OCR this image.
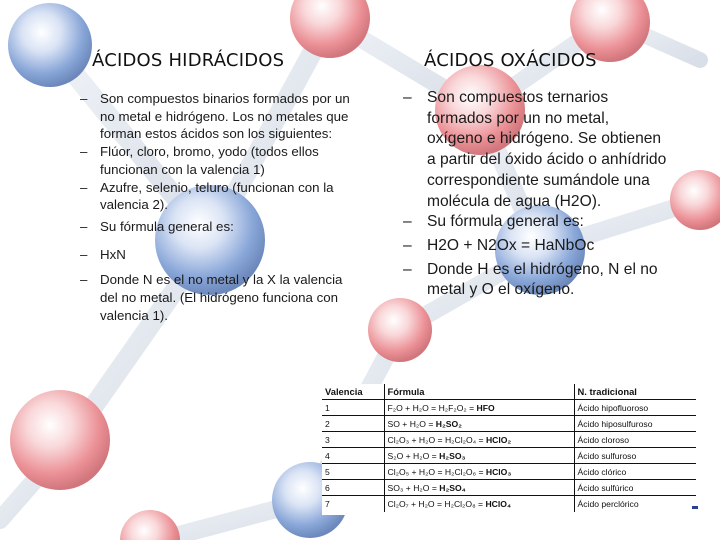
ÁCIDOS HIDRÁCIDOS	ÁCIDOS OXÁCIDOS
– Son compuestos binarios formados por un no metal e hidrógeno. Los no metales que forman estos ácidos son los siguientes:
– Flúor, cloro, bromo, yodo (todos ellos funcionan con la valencia 1)
– Azufre, selenio, teluro (funcionan con la valencia 2).
– Su fórmula general es:
– HxN
– Donde N es el no metal y la X la valencia del no metal. (El hidrógeno funciona con valencia 1).
– Son compuestos ternarios formados por un no metal, oxígeno e hidrógeno. Se obtienen a partir del óxido ácido o anhídrido correspondiente sumándole una molécula de agua (H2O).
– Su fórmula general es:
– H2O + N2Ox = HaNbOc
– Donde H es el hidrógeno, N el no metal y O el oxígeno.
Valencia	Fórmula	N. tradicional
1	F₂O + H₂O = H₂F₂O₂ = HFO	Ácido hipofluoroso
2	SO + H₂O = H₂SO₂	Ácido hiposulfuroso
3	Cl₂O₃ + H₂O = H₂Cl₂O₄ = HClO₂	Ácido cloroso
4	S₂O + H₂O = H₂SO₃	Ácido sulfuroso
5	Cl₂O₅ + H₂O = H₂Cl₂O₆ = HClO₃	Ácido clórico
6	SO₃ + H₂O = H₂SO₄	Ácido sulfúrico
7	Cl₂O₇ + H₂O = H₂Cl₂O₈ = HClO₄	Ácido perclórico
